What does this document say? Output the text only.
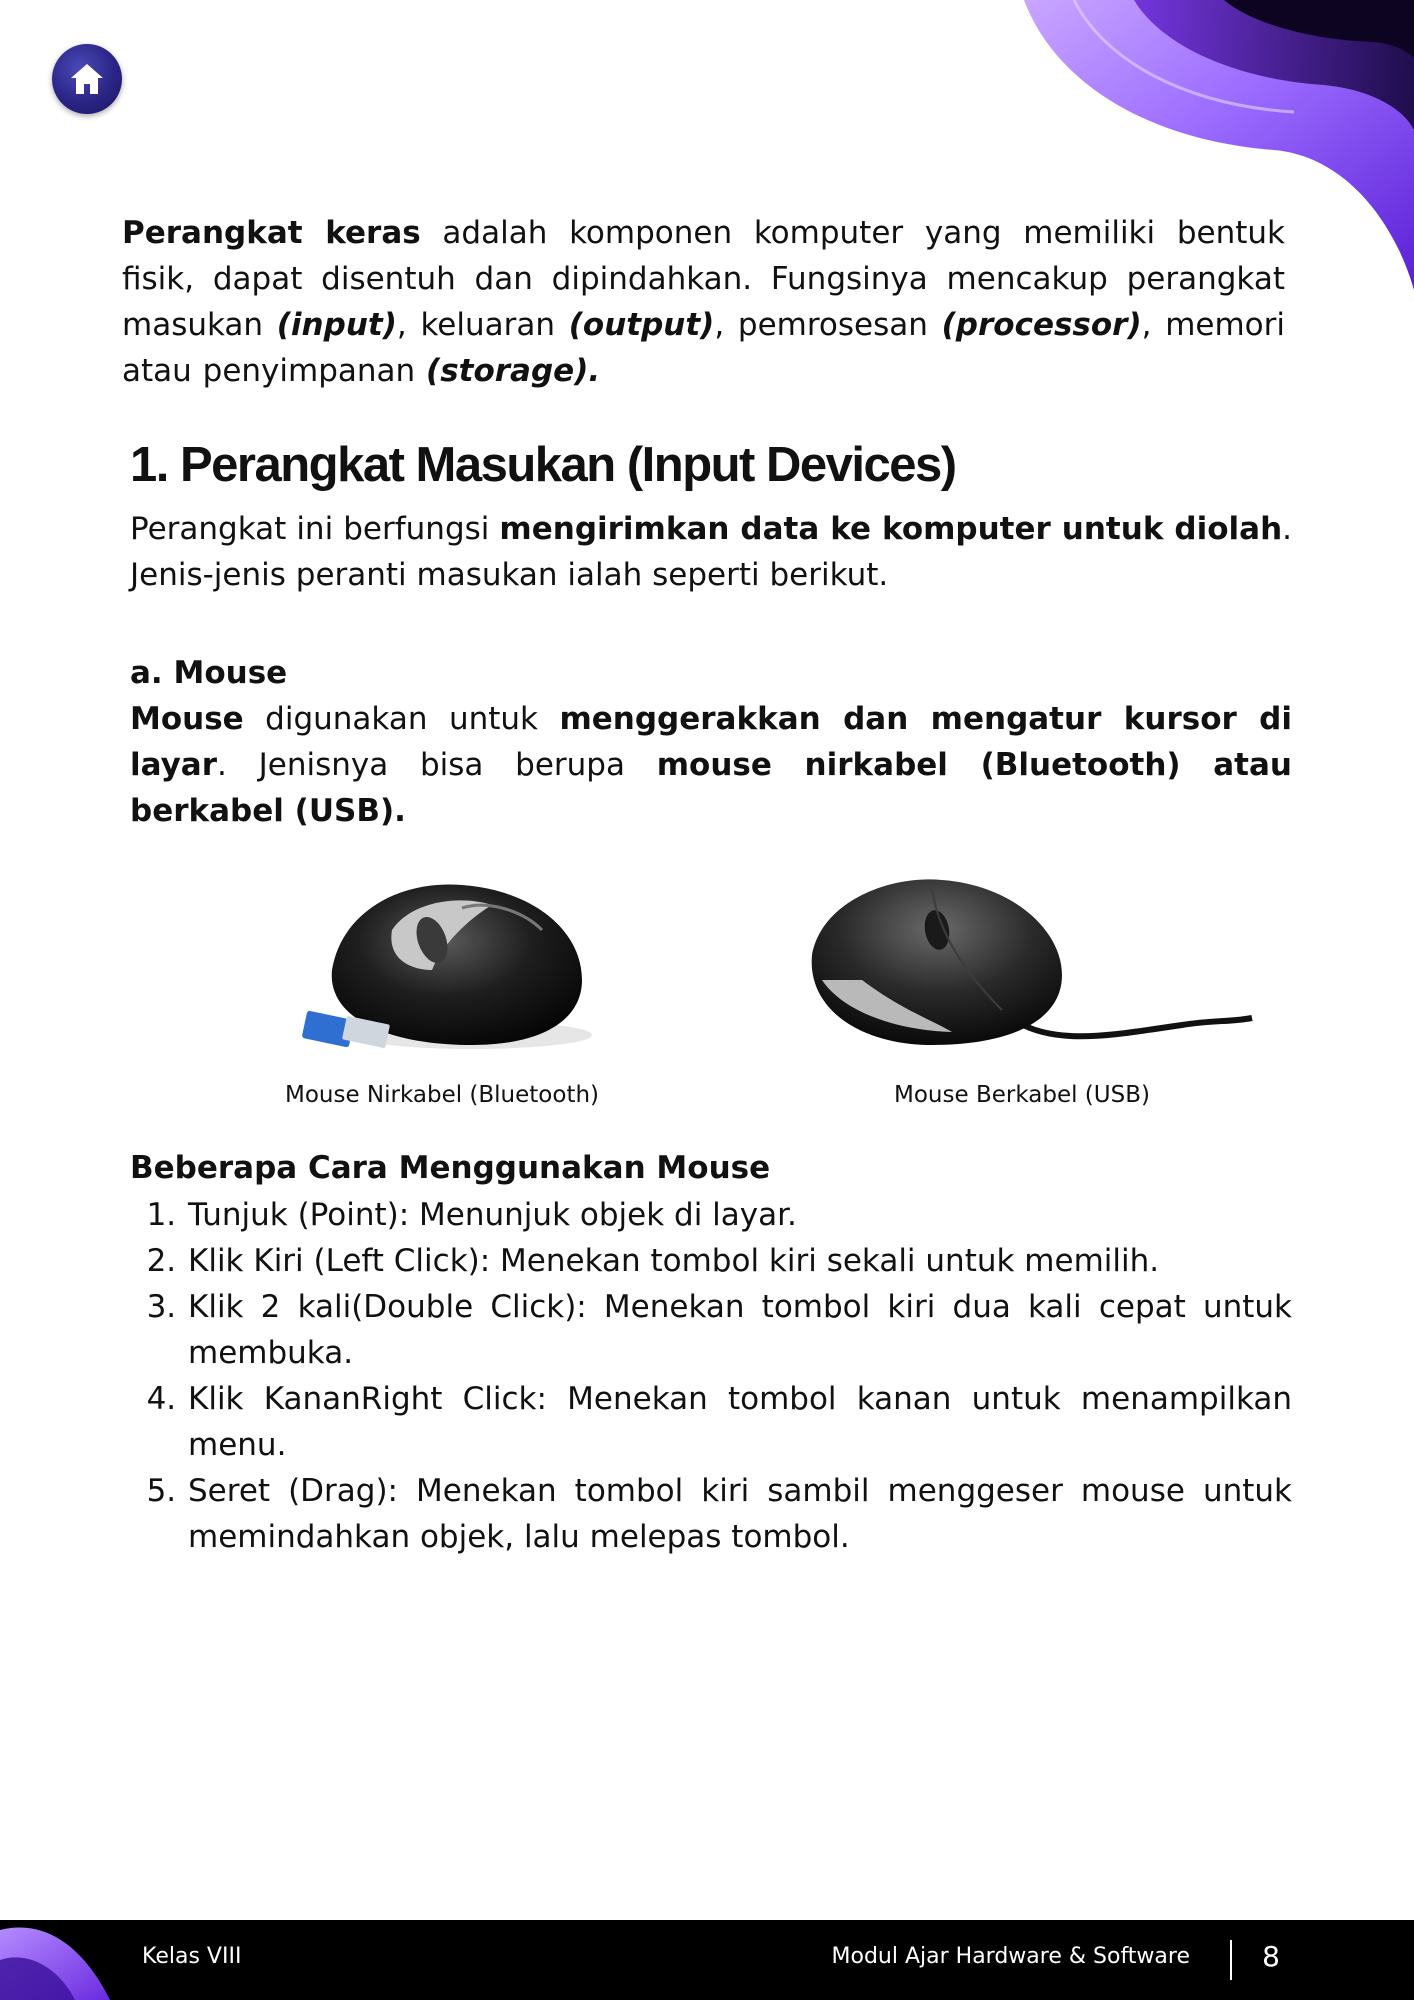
Perangkat keras adalah komponen komputer yang memiliki bentuk fisik, dapat disentuh dan dipindahkan. Fungsinya mencakup perangkat masukan (input), keluaran (output), pemrosesan (processor), memori atau penyimpanan (storage).

1. Perangkat Masukan (Input Devices)

Perangkat ini berfungsi mengirimkan data ke komputer untuk diolah. Jenis-jenis peranti masukan ialah seperti berikut.

a. Mouse

Mouse digunakan untuk menggerakkan dan mengatur kursor di layar. Jenisnya bisa berupa mouse nirkabel (Bluetooth) atau berkabel (USB).

Mouse Nirkabel (Bluetooth)	Mouse Berkabel (USB)
Beberapa Cara Menggunakan Mouse
1. Tunjuk (Point): Menunjuk objek di layar.
2. Klik Kiri (Left Click): Menekan tombol kiri sekali untuk memilih.
3. Klik 2 kali(Double Click): Menekan tombol kiri dua kali cepat untuk membuka.
4. Klik KananRight Click: Menekan tombol kanan untuk menampilkan menu.
5. Seret (Drag): Menekan tombol kiri sambil menggeser mouse untuk memindahkan objek, lalu melepas tombol.
Kelas VIII	Modul Ajar Hardware & Software	8
